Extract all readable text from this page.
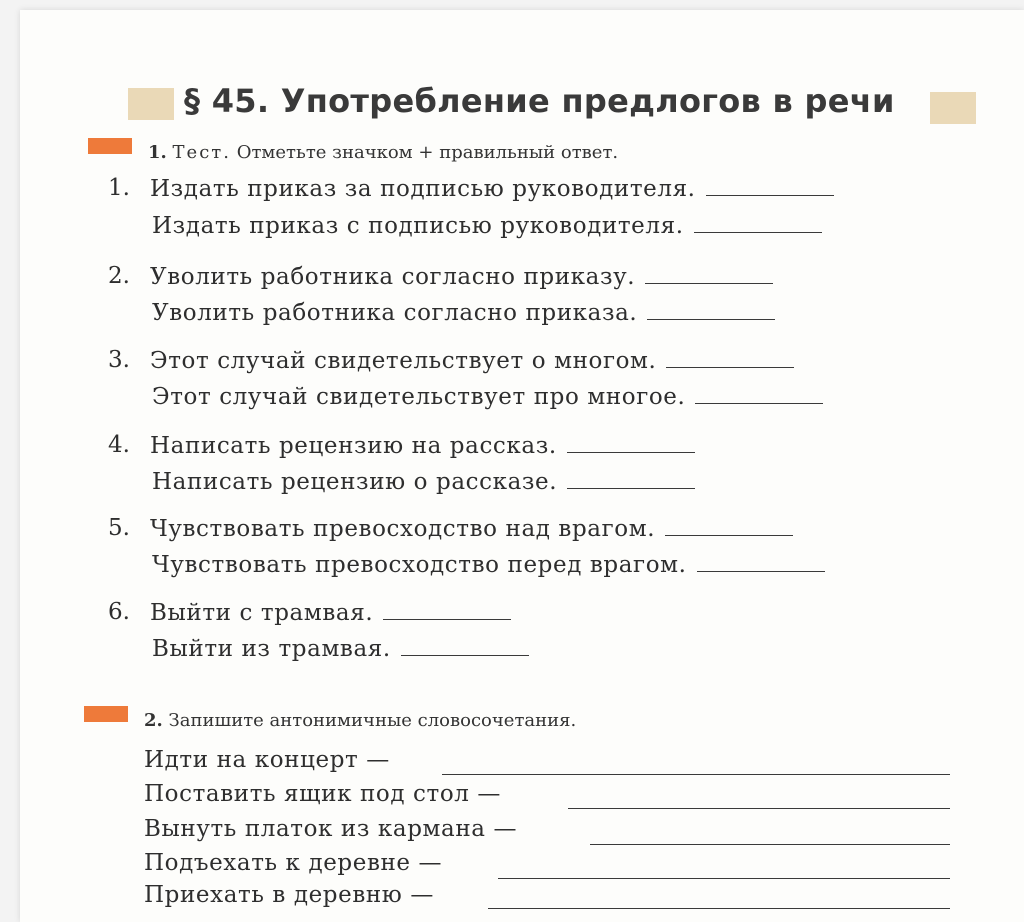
§ 45. Употребление предлогов в речи
1. Тест. Отметьте значком + правильный ответ.
1. Издать приказ за подписью руководителя.
Издать приказ с подписью руководителя.
2. Уволить работника согласно приказу.
Уволить работника согласно приказа.
3. Этот случай свидетельствует о многом.
Этот случай свидетельствует про многое.
4. Написать рецензию на рассказ.
Написать рецензию о рассказе.
5. Чувствовать превосходство над врагом.
Чувствовать превосходство перед врагом.
6. Выйти с трамвая.
Выйти из трамвая.
2. Запишите антонимичные словосочетания.
Идти на концерт —
Поставить ящик под стол —
Вынуть платок из кармана —
Подъехать к деревне —
Приехать в деревню —
